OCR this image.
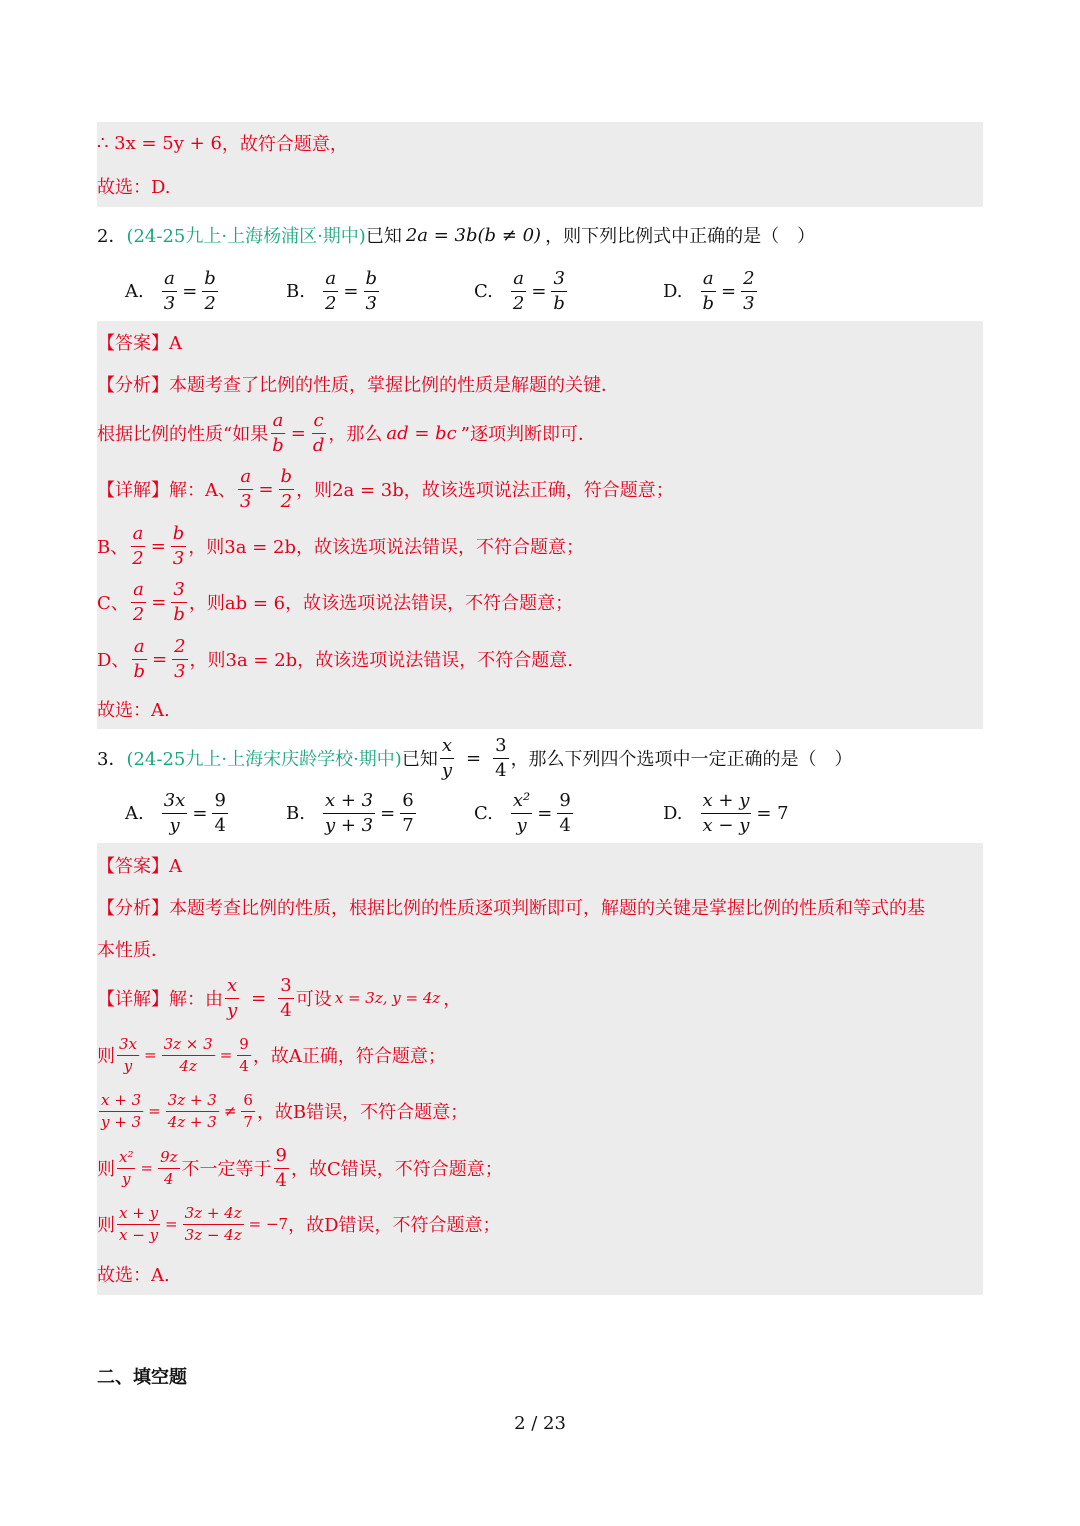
∴ 3x = 5y + 6 ，故符合题意，
故选：D.
2． (24-25九上·上海杨浦区·期中) 已知 2a = 3b(b ≠ 0) ，则下列比例式中正确的是（　）
A. $\frac{a}{3} = \frac{b}{2}$	B. $\frac{a}{2} = \frac{b}{3}$	C. $\frac{a}{2} = \frac{3}{b}$	D. $\frac{a}{b} = \frac{2}{3}$
【答案】A
【分析】本题考查了比例的性质，掌握比例的性质是解题的关键．
根据比例的性质“如果 $\frac{a}{b} = \frac{c}{d}$ ，那么 ad = bc ”逐项判断即可．
【详解】解：A、 $\frac{a}{3} = \frac{b}{2}$ ，则2a = 3b ，故该选项说法正确，符合题意；
B、 $\frac{a}{2} = \frac{b}{3}$ ，则3a = 2b ，故该选项说法错误，不符合题意；
C、 $\frac{a}{2} = \frac{3}{b}$ ，则ab = 6 ，故该选项说法错误，不符合题意；
D、 $\frac{a}{b} = \frac{2}{3}$ ，则3a = 2b ，故该选项说法错误，不符合题意.
故选：A.
3． (24-25九上·上海宋庆龄学校·期中) 已知 $\frac{x}{y} = \frac{3}{4}$ ，那么下列四个选项中一定正确的是（　）
A. $\frac{3x}{y} = \frac{9}{4}$	B. $\frac{x + 3}{y + 3} = \frac{6}{7}$	C. $\frac{\text{x²}}{y} = \frac{9}{4}$	D. $\frac{x + y}{x - y} = 7$
【答案】A
【分析】本题考查比例的性质，根据比例的性质逐项判断即可，解题的关键是掌握比例的性质和等式的基
本性质．
【详解】解：由 $\frac{x}{y} = \frac{3}{4}$ 可设 x = 3z, y = 4z ，
则 $\frac{3x}{y} = \frac{3z \times 3}{4z} = \frac{9}{4}$ ，故A正确，符合题意；
$\frac{x + 3}{y + 3} = \frac{3z + 3}{4z + 3} \ne \frac{6}{7}$ ，故B错误，不符合题意；
则 $\frac{\text{x²}}{y} = \frac{9z}{4}$ 不一定等于 $\frac{9}{4}$ ，故C错误，不符合题意；
则 $\frac{x + y}{x - y} = \frac{3z + 4z}{3z - 4z} = -7$ ，故D错误，不符合题意；
故选：A.
二、填空题
2 / 23
